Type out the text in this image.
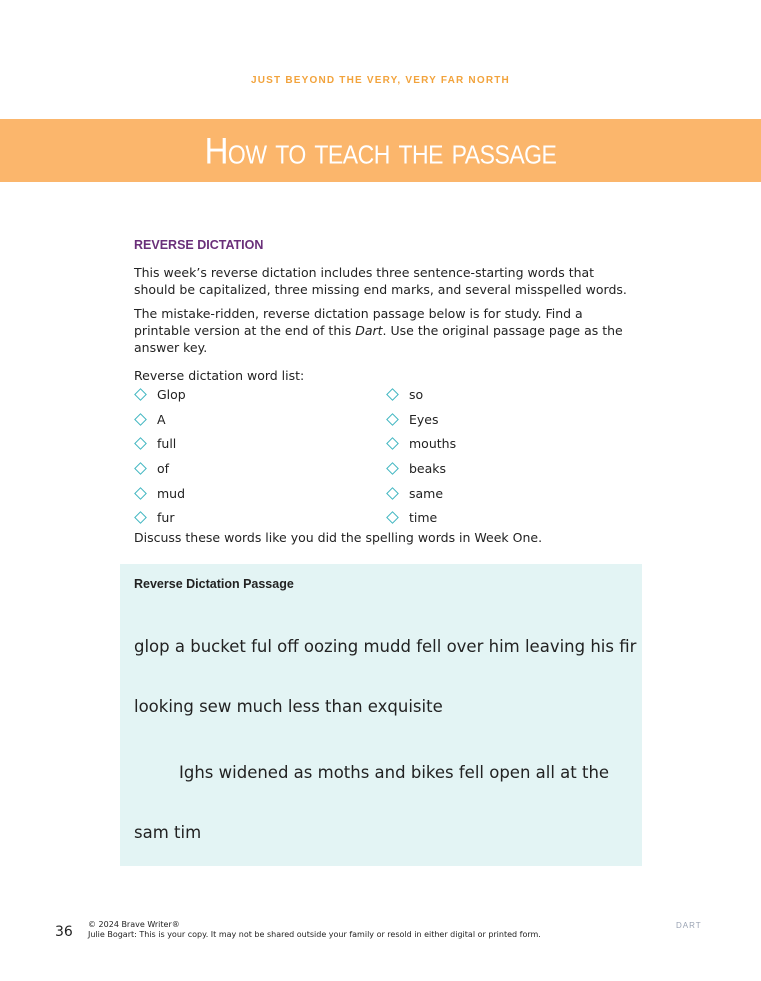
JUST BEYOND THE VERY, VERY FAR NORTH
How to teach the passage
REVERSE DICTATION

This week’s reverse dictation includes three sentence-starting words that should be capitalized, three missing end marks, and several misspelled words.

The mistake-ridden, reverse dictation passage below is for study. Find a printable version at the end of this Dart. Use the original passage page as the answer key.

Reverse dictation word list:

Glop
A
full
of
mud
fur
so
Eyes
mouths
beaks
same
time
Discuss these words like you did the spelling words in Week One.
Reverse Dictation Passage
glop a bucket ful off oozing mudd fell over him leaving his fir
looking sew much less than exquisite
Ighs widened as moths and bikes fell open all at the
sam tim
36 © 2024 Brave Writer®
Julie Bogart: This is your copy. It may not be shared outside your family or resold in either digital or printed form.
DART
